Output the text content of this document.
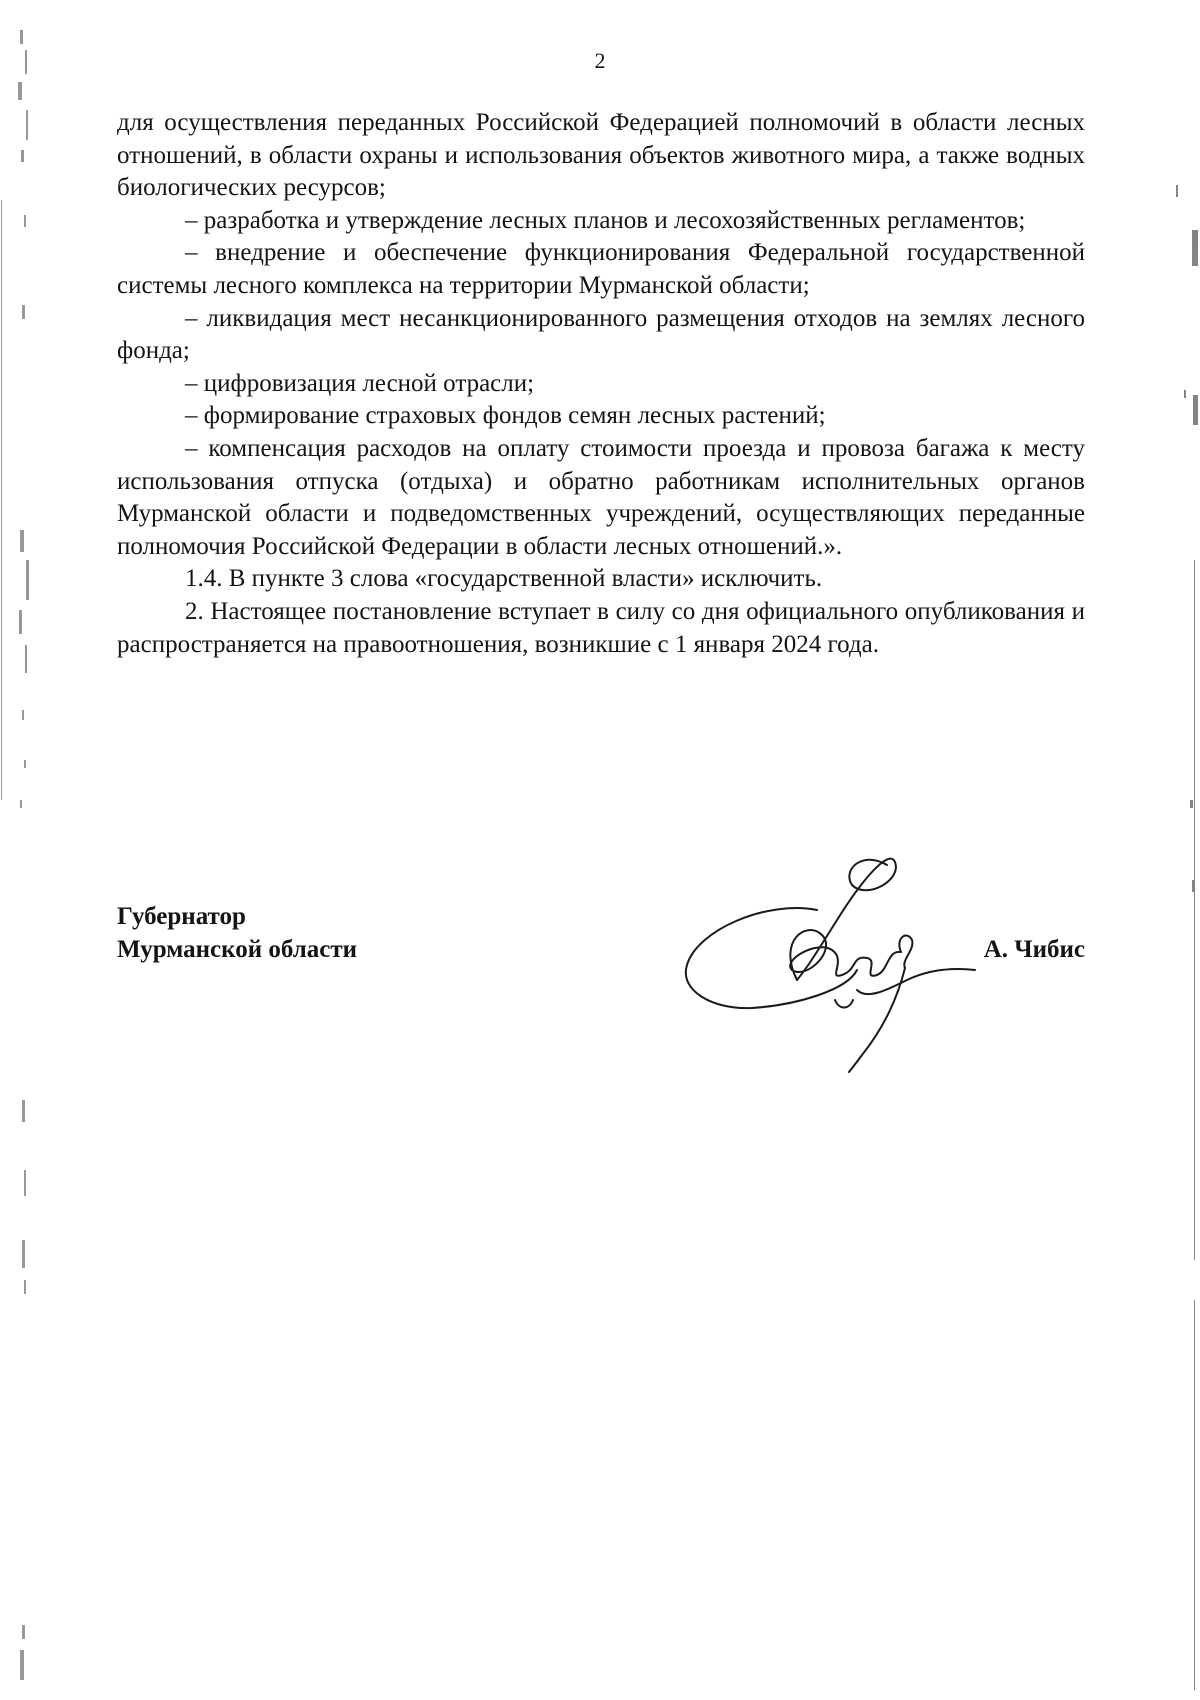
2

для осуществления переданных Российской Федерацией полномочий в области лесных отношений, в области охраны и использования объектов животного мира, а также водных биологических ресурсов;

– разработка и утверждение лесных планов и лесохозяйственных регламентов;

– внедрение и обеспечение функционирования Федеральной государственной системы лесного комплекса на территории Мурманской области;

– ликвидация мест несанкционированного размещения отходов на землях лесного фонда;

– цифровизация лесной отрасли;

– формирование страховых фондов семян лесных растений;

– компенсация расходов на оплату стоимости проезда и провоза багажа к месту использования отпуска (отдыха) и обратно работникам исполнительных органов Мурманской области и подведомственных учреждений, осуществляющих переданные полномочия Российской Федерации в области лесных отношений.».

1.4. В пункте 3 слова «государственной власти» исключить.

2. Настоящее постановление вступает в силу со дня официального опубликования и распространяется на правоотношения, возникшие с 1 января 2024 года.

Губернатор
Мурманской области	А. Чибис
